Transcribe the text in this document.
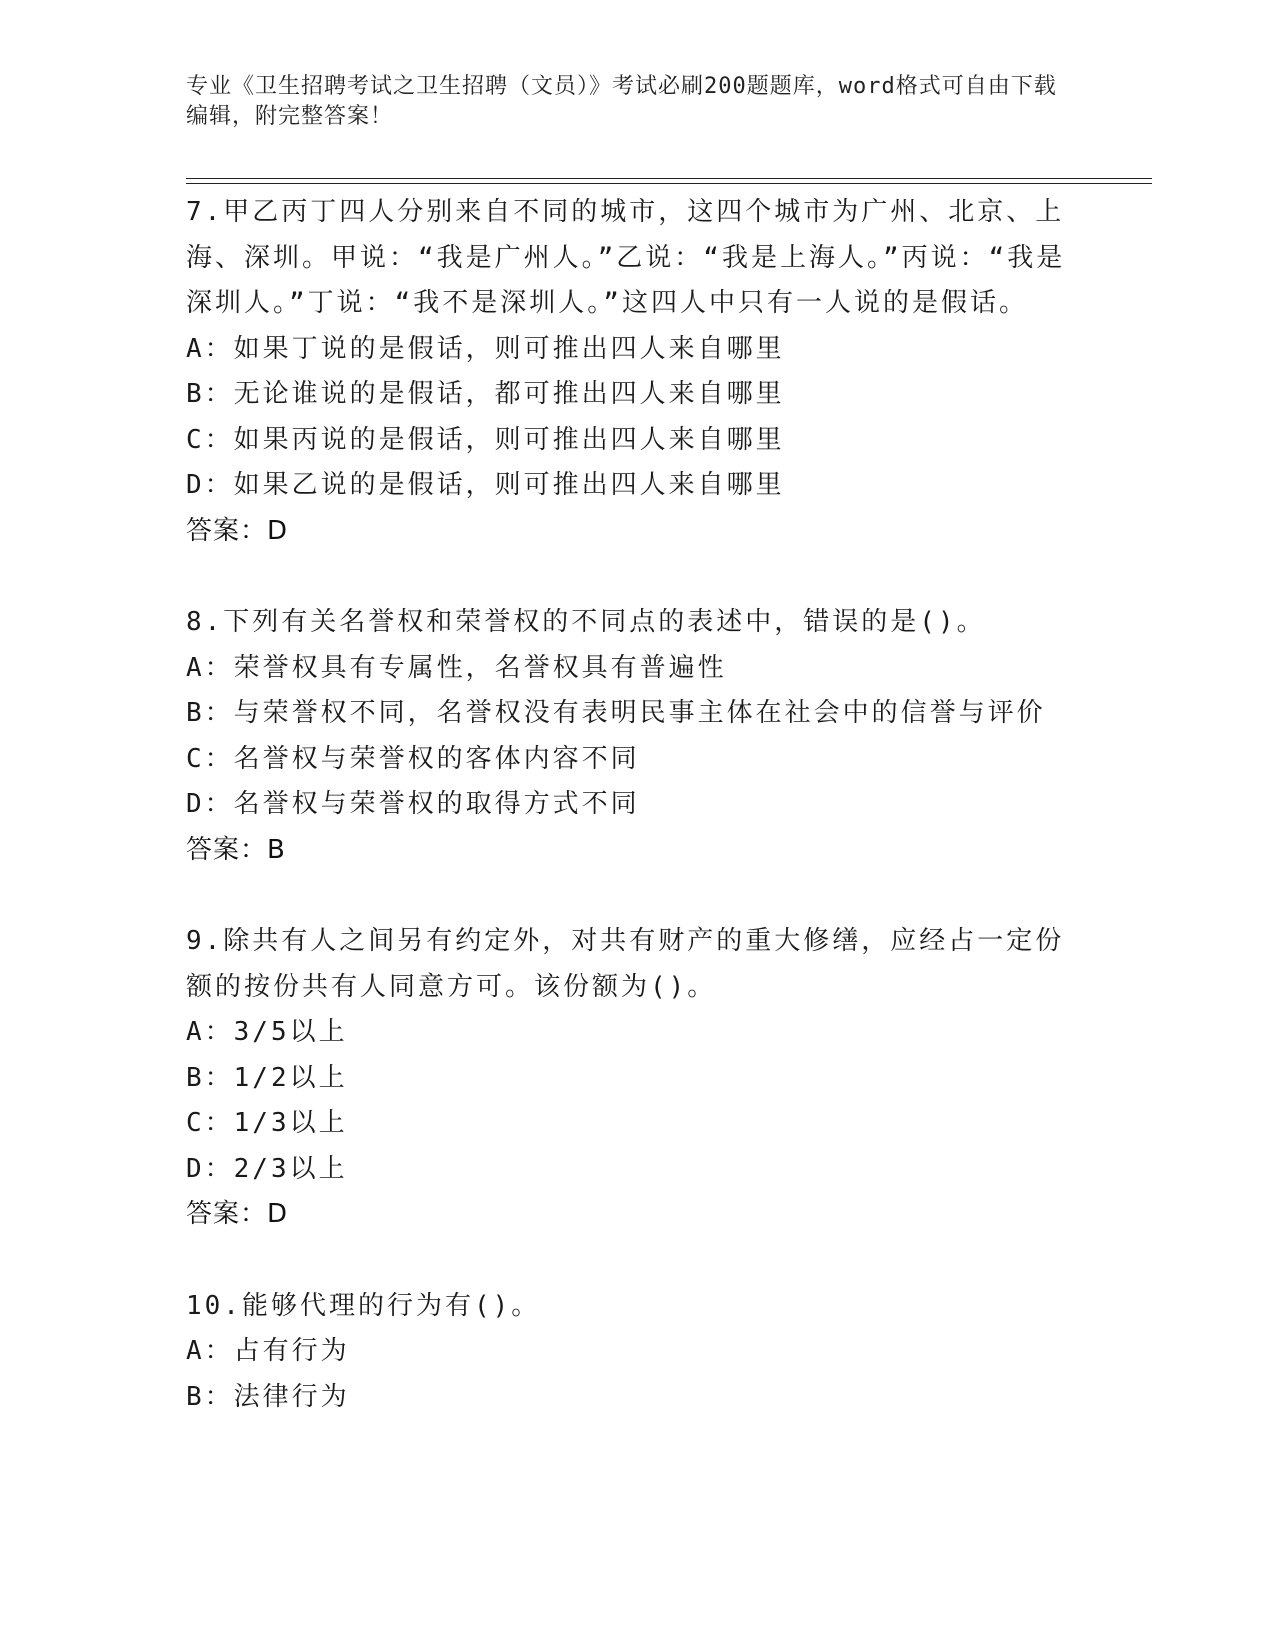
专业《卫生招聘考试之卫生招聘（文员）》考试必刷200题题库，word格式可自由下载编辑，附完整答案！

7.甲乙丙丁四人分别来自不同的城市，这四个城市为广州、北京、上海、深圳。甲说：“我是广州人。”乙说：“我是上海人。”丙说：“我是深圳人。”丁说：“我不是深圳人。”这四人中只有一人说的是假话。

A：如果丁说的是假话，则可推出四人来自哪里

B：无论谁说的是假话，都可推出四人来自哪里

C：如果丙说的是假话，则可推出四人来自哪里

D：如果乙说的是假话，则可推出四人来自哪里

答案：D

8.下列有关名誉权和荣誉权的不同点的表述中，错误的是()。

A：荣誉权具有专属性，名誉权具有普遍性

B：与荣誉权不同，名誉权没有表明民事主体在社会中的信誉与评价

C：名誉权与荣誉权的客体内容不同

D：名誉权与荣誉权的取得方式不同

答案：B

9.除共有人之间另有约定外，对共有财产的重大修缮，应经占一定份额的按份共有人同意方可。该份额为()。

A：3/5以上

B：1/2以上

C：1/3以上

D：2/3以上

答案：D

10.能够代理的行为有()。

A：占有行为

B：法律行为
